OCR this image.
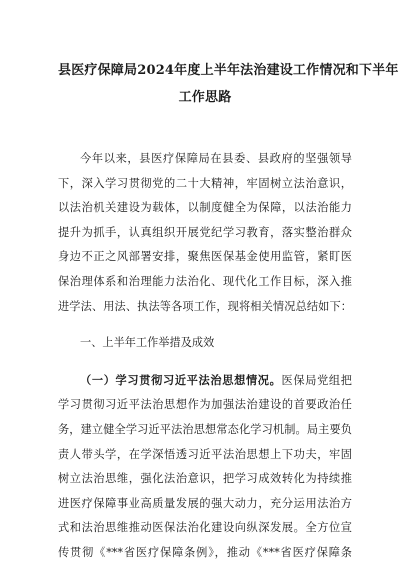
县医疗保障局2024年度上半年法治建设工作情况和下半年
工作思路

今年以来，县医疗保障局在县委、县政府的坚强领导
下，深入学习贯彻党的二十大精神，牢固树立法治意识，
以法治机关建设为载体，以制度健全为保障，以法治能力
提升为抓手，认真组织开展党纪学习教育，落实整治群众
身边不正之风部署安排，聚焦医保基金使用监管，紧盯医
保治理体系和治理能力法治化、现代化工作目标，深入推
进学法、用法、执法等各项工作，现将相关情况总结如下：

一、上半年工作举措及成效

（一）学习贯彻习近平法治思想情况。医保局党组把
学习贯彻习近平法治思想作为加强法治建设的首要政治任
务，建立健全学习近平法治思想常态化学习机制。局主要负
责人带头学，在学深悟透习近平法治思想上下功夫，牢固
树立法治思维，强化法治意识，把学习成效转化为持续推
进医疗保障事业高质量发展的强大动力，充分运用法治方
式和法治思维推动医保法治化建设向纵深发展。全方位宣
传贯彻《***省医疗保障条例》，推动《***省医疗保障条
